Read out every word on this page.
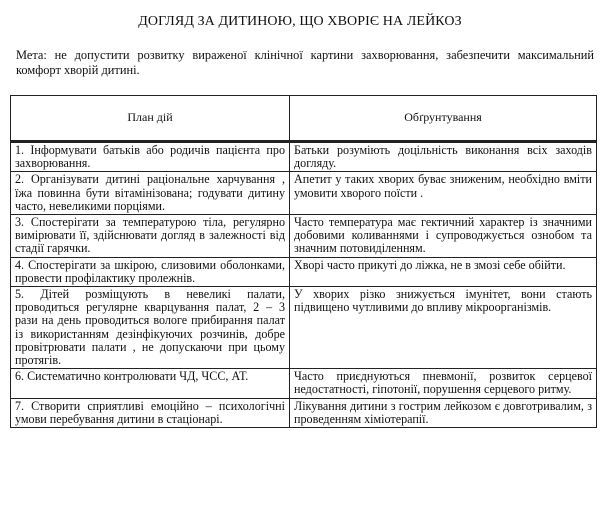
ДОГЛЯД ЗА ДИТИНОЮ, ЩО ХВОРІЄ НА ЛЕЙКОЗ
Мета: не допустити розвитку вираженої клінічної картини захворювання, забезпечити максимальний комфорт хворій дитині.
План дій	Обґрунтування

1. Інформувати батьків або родичів пацієнта про захворювання.	Батьки розуміють доцільність виконання всіх заходів догляду.
2. Організувати дитині раціональне харчування , їжа повинна бути вітамінізована; годувати дитину часто, невеликими порціями.	Апетит у таких хворих буває зниженим, необхідно вміти умовити хворого поїсти .
3. Спостерігати за температурою тіла, регулярно вимірювати її, здійснювати догляд в залежності від стадії гарячки.	Часто температура має гектичний характер із значними добовими коливаннями і супроводжується ознобом та значним потовиділенням.
4. Спостерігати за шкірою, слизовими оболонками, провести профілактику пролежнів.	Хворі часто прикуті до ліжка, не в змозі себе обійти.
5. Дітей розміщують в невеликі палати, проводиться регулярне кварцування палат, 2 – 3 рази на день проводиться вологе прибирання палат із використанням дезінфікуючих розчинів, добре провітрювати палати , не допускаючи при цьому протягів.	У хворих різко знижується імунітет, вони стають підвищено чутливими до впливу мікроорганізмів.
6. Систематично контролювати ЧД, ЧСС, АТ.	Часто приєднуються пневмонії, розвиток серцевої недостатності, гіпотонії, порушення серцевого ритму.
7. Створити сприятливі емоційно – психологічні умови перебування дитини в стаціонарі.	Лікування дитини з гострим лейкозом є довготривалим, з проведенням хіміотерапії.
